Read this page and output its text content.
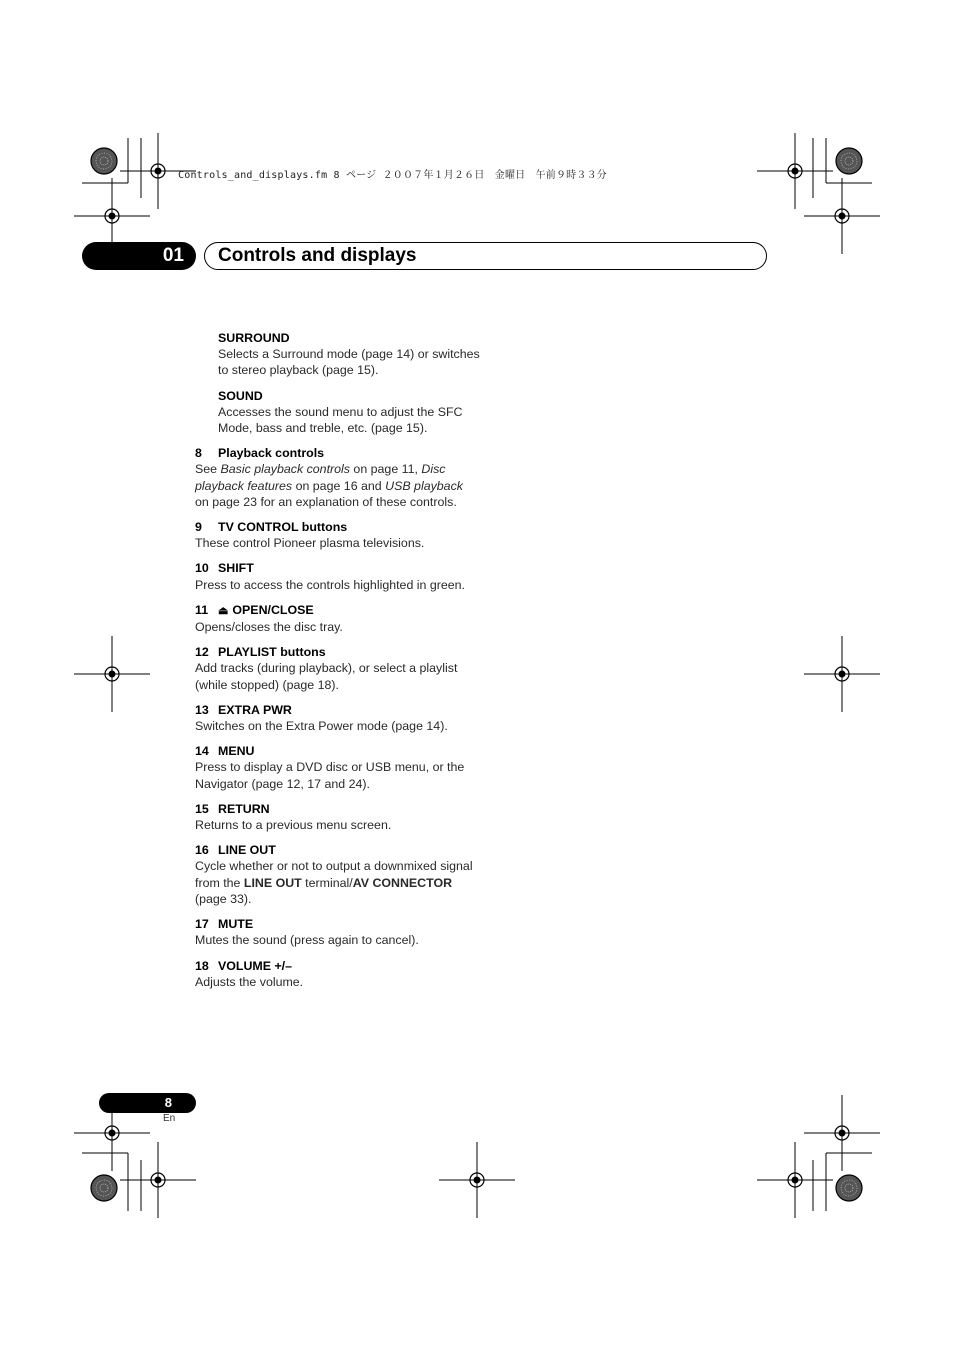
Controls_and_displays.fm 8 ページ ２００７年１月２６日　金曜日　午前９時３３分
01	Controls and displays
SURROUND
Selects a Surround mode (page 14) or switches to stereo playback (page 15).
SOUND
Accesses the sound menu to adjust the SFC Mode, bass and treble, etc. (page 15).
8 Playback controls
See Basic playback controls on page 11, Disc playback features on page 16 and USB playback on page 23 for an explanation of these controls.
9 TV CONTROL buttons
These control Pioneer plasma televisions.
10 SHIFT
Press to access the controls highlighted in green.
11 ⏏ OPEN/CLOSE
Opens/closes the disc tray.
12 PLAYLIST buttons
Add tracks (during playback), or select a playlist (while stopped) (page 18).
13 EXTRA PWR
Switches on the Extra Power mode (page 14).
14 MENU
Press to display a DVD disc or USB menu, or the Navigator (page 12, 17 and 24).
15 RETURN
Returns to a previous menu screen.
16 LINE OUT
Cycle whether or not to output a downmixed signal from the LINE OUT terminal/AV CONNECTOR (page 33).
17 MUTE
Mutes the sound (press again to cancel).
18 VOLUME +/–
Adjusts the volume.
8
En
